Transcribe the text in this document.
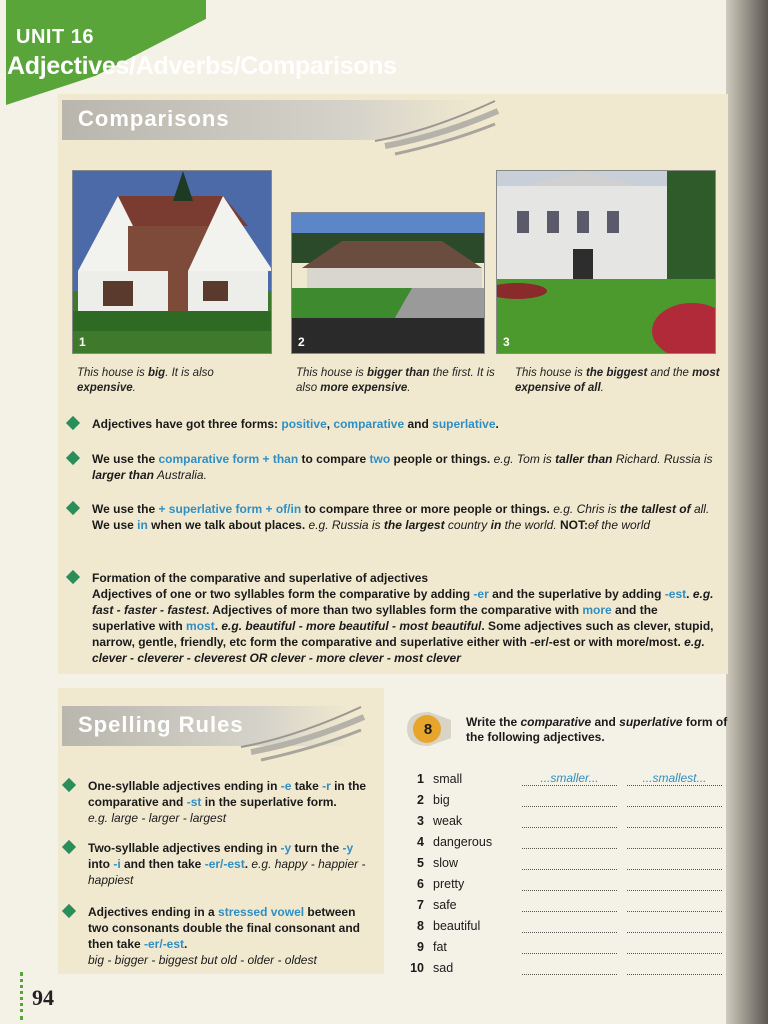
UNIT 16
Adjectives/Adverbs/Comparisons
Comparisons
1	2	3
This house is big. It is also expensive.
This house is bigger than the first. It is also more expensive.
This house is the biggest and the most expensive of all.
Adjectives have got three forms: positive, comparative and superlative.
We use the comparative form + than to compare two people or things. e.g. Tom is taller than Richard. Russia is larger than Australia.
We use the + superlative form + of/in to compare three or more people or things. e.g. Chris is the tallest of all. We use in when we talk about places. e.g. Russia is the largest country in the world. NOT:of the world
Formation of the comparative and superlative of adjectives
Adjectives of one or two syllables form the comparative by adding -er and the superlative by adding -est. e.g. fast - faster - fastest. Adjectives of more than two syllables form the comparative with more and the superlative with most. e.g. beautiful - more beautiful - most beautiful. Some adjectives such as clever, stupid, narrow, gentle, friendly, etc form the comparative and superlative either with -er/-est or with more/most. e.g. clever - cleverer - cleverest OR clever - more clever - most clever
Spelling Rules
One-syllable adjectives ending in -e take -r in the comparative and -st in the superlative form.
e.g. large - larger - largest
Two-syllable adjectives ending in -y turn the -y into -i and then take -er/-est. e.g. happy - happier - happiest
Adjectives ending in a stressed vowel between two consonants double the final consonant and then take -er/-est.
big - bigger - biggest but old - older - oldest
8	Write the comparative and superlative form of the following adjectives.
1 small	...smaller...	...smallest...
2 big
3 weak
4 dangerous
5 slow
6 pretty
7 safe
8 beautiful
9 fat
10 sad
94
